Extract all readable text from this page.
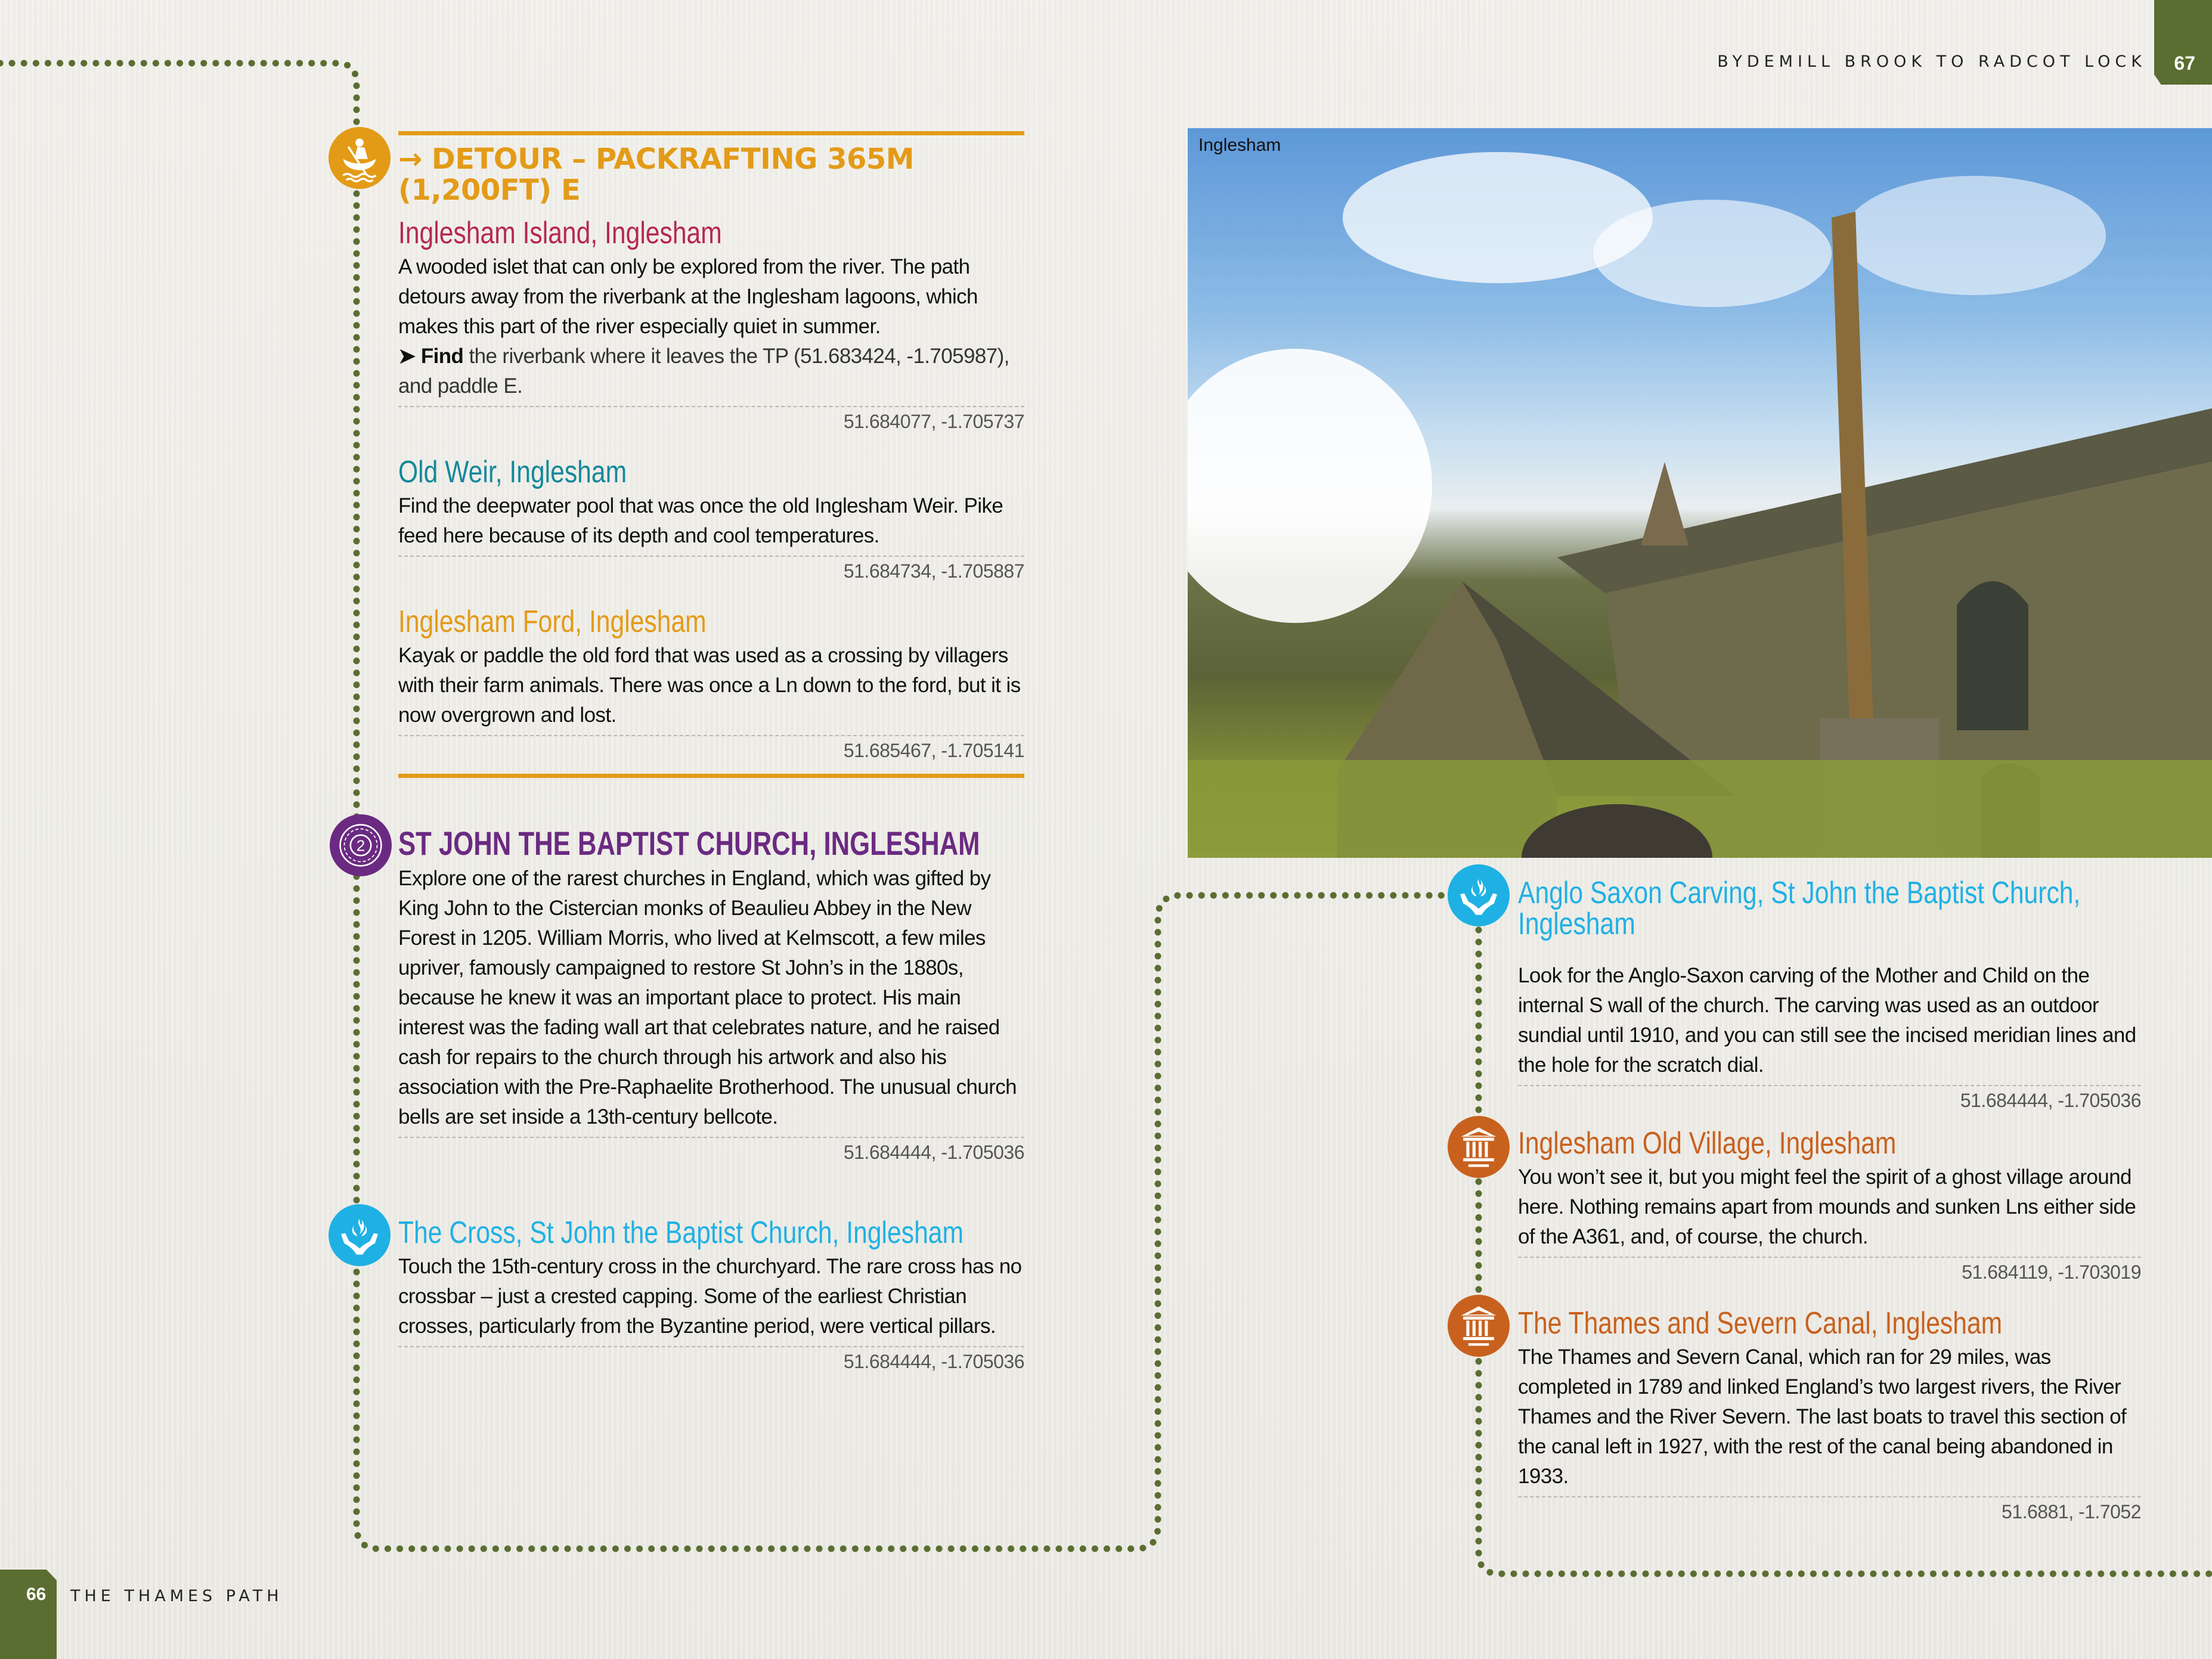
67
BYDEMILL BROOK TO RADCOT LOCK
66 THE THAMES PATH
→ DETOUR – PACKRAFTING 365M (1,200FT) E
Inglesham Island, Inglesham

A wooded islet that can only be explored from the river. The path detours away from the riverbank at the Inglesham lagoons, which makes this part of the river especially quiet in summer.
➤ Find the riverbank where it leaves the TP (51.683424, -1.705987), and paddle E.

51.684077, -1.705737
Old Weir, Inglesham

Find the deepwater pool that was once the old Inglesham Weir. Pike feed here because of its depth and cool temperatures.

51.684734, -1.705887
Inglesham Ford, Inglesham

Kayak or paddle the old ford that was used as a crossing by villagers with their farm animals. There was once a Ln down to the ford, but it is now overgrown and lost.

51.685467, -1.705141
2 ST JOHN THE BAPTIST CHURCH, INGLESHAM

Explore one of the rarest churches in England, which was gifted by King John to the Cistercian monks of Beaulieu Abbey in the New Forest in 1205. William Morris, who lived at Kelmscott, a few miles upriver, famously campaigned to restore St John’s in the 1880s, because he knew it was an important place to protect. His main interest was the fading wall art that celebrates nature, and he raised cash for repairs to the church through his artwork and also his association with the Pre-Raphaelite Brotherhood. The unusual church bells are set inside a 13th-century bellcote.

51.684444, -1.705036
The Cross, St John the Baptist Church, Inglesham

Touch the 15th-century cross in the churchyard. The rare cross has no crossbar – just a crested capping. Some of the earliest Christian crosses, particularly from the Byzantine period, were vertical pillars.

51.684444, -1.705036
Inglesham
Anglo Saxon Carving, St John the Baptist Church, Inglesham

Look for the Anglo-Saxon carving of the Mother and Child on the internal S wall of the church. The carving was used as an outdoor sundial until 1910, and you can still see the incised meridian lines and the hole for the scratch dial.

51.684444, -1.705036
Inglesham Old Village, Inglesham

You won’t see it, but you might feel the spirit of a ghost village around here. Nothing remains apart from mounds and sunken Lns either side of the A361, and, of course, the church.

51.684119, -1.703019
The Thames and Severn Canal, Inglesham

The Thames and Severn Canal, which ran for 29 miles, was completed in 1789 and linked England’s two largest rivers, the River Thames and the River Severn. The last boats to travel this section of the canal left in 1927, with the rest of the canal being abandoned in 1933.

51.6881, -1.7052
